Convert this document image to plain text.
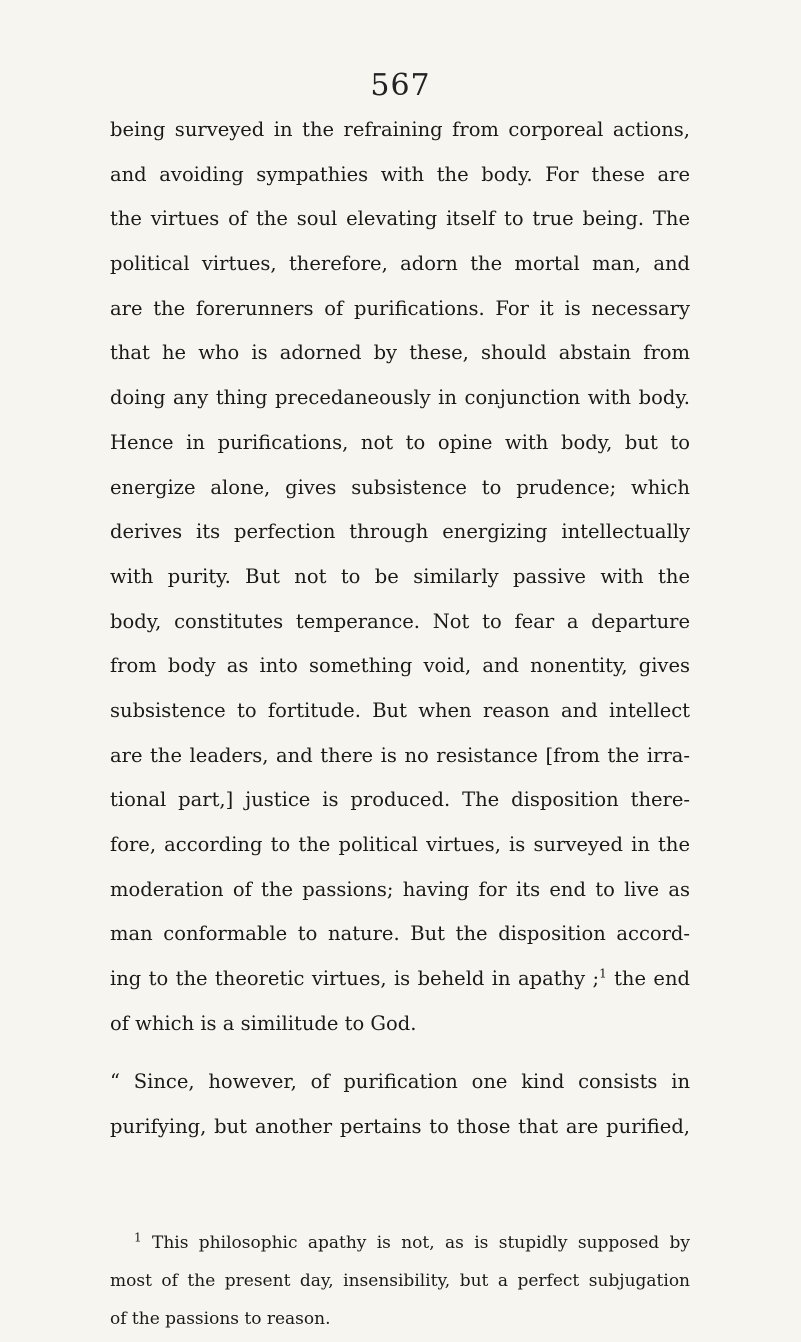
567
being surveyed in the refraining from corporeal actions,
and avoiding sympathies with the body. For these are
the virtues of the soul elevating itself to true being. The
political virtues, therefore, adorn the mortal man, and
are the forerunners of purifications. For it is necessary
that he who is adorned by these, should abstain from
doing any thing precedaneously in conjunction with body.
Hence in purifications, not to opine with body, but to
energize alone, gives subsistence to prudence; which
derives its perfection through energizing intellectually
with purity. But not to be similarly passive with the
body, constitutes temperance. Not to fear a departure
from body as into something void, and nonentity, gives
subsistence to fortitude. But when reason and intellect
are the leaders, and there is no resistance [from the irra-
tional part,] justice is produced. The disposition there-
fore, according to the political virtues, is surveyed in the
moderation of the passions; having for its end to live as
man conformable to nature. But the disposition accord-
ing to the theoretic virtues, is beheld in apathy ;$^1$ the end
of which is a similitude to God.
“ Since, however, of purification one kind consists in
purifying, but another pertains to those that are purified,
$^1$ This philosophic apathy is not, as is stupidly supposed by
most of the present day, insensibility, but a perfect subjugation
of the passions to reason.
